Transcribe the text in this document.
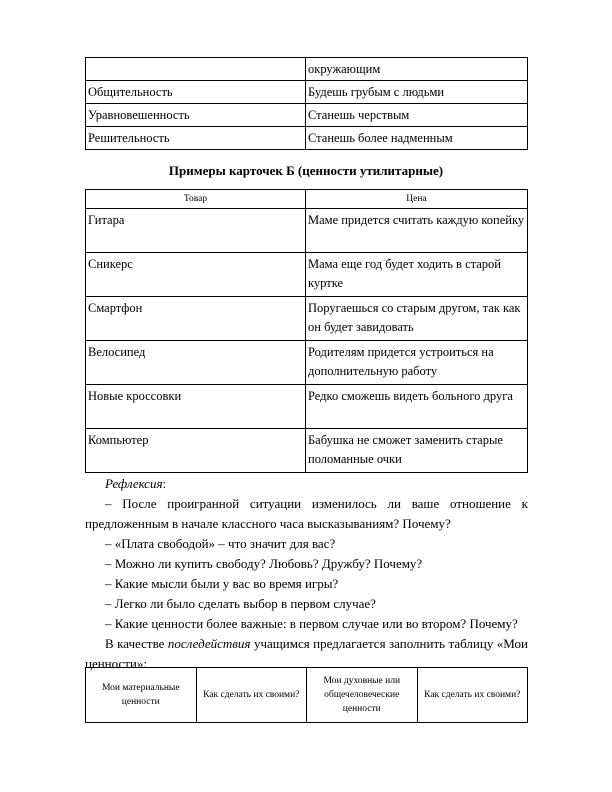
	окружающим
Общительность	Будешь грубым с людьми
Уравновешенность	Станешь черствым
Решительность	Станешь более надменным
Примеры карточек Б (ценности утилитарные)
Товар	Цена
Гитара	Маме придется считать каждую копейку
Сникерс	Мама еще год будет ходить в старой куртке
Смартфон	Поругаешься со старым другом, так как он будет завидовать
Велосипед	Родителям придется устроиться на дополнительную работу
Новые кроссовки	Редко сможешь видеть больного друга
Компьютер	Бабушка не сможет заменить старые поломанные очки

Рефлексия:

– После проигранной ситуации изменилось ли ваше отношение к предложенным в начале классного часа высказываниям? Почему?

– «Плата свободой» – что значит для вас?

– Можно ли купить свободу? Любовь? Дружбу? Почему?

– Какие мысли были у вас во время игры?

– Легко ли было сделать выбор в первом случае?

– Какие ценности более важные: в первом случае или во втором? Почему?

В качестве последействия учащимся предлагается заполнить таблицу «Мои ценности»:

Мои материальные ценности	Как сделать их своими?	Мои духовные или общечеловеческие ценности	Как сделать их своими?
